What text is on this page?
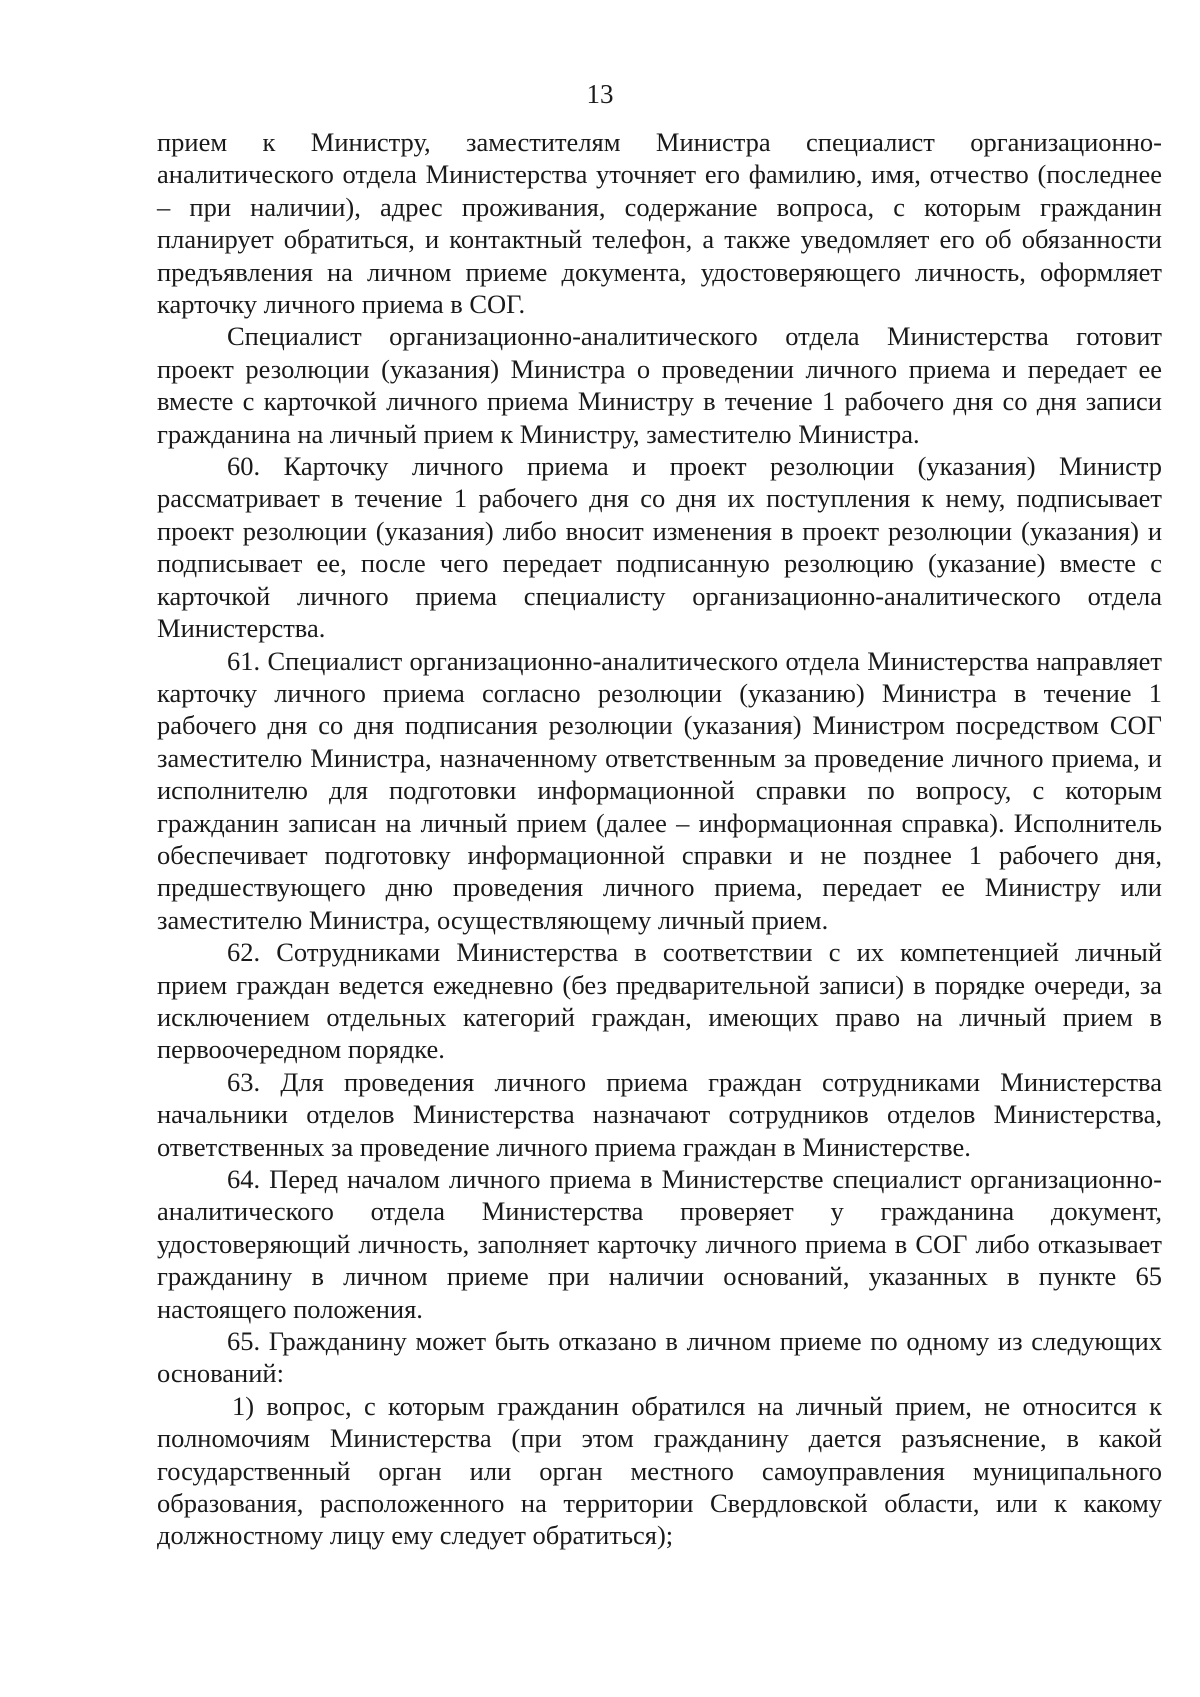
13

прием к Министру, заместителям Министра специалист организационно-аналитического отдела Министерства уточняет его фамилию, имя, отчество (последнее – при наличии), адрес проживания, содержание вопроса, с которым гражданин планирует обратиться, и контактный телефон, а также уведомляет его об обязанности предъявления на личном приеме документа, удостоверяющего личность, оформляет карточку личного приема в СОГ.

Специалист организационно-аналитического отдела Министерства готовит проект резолюции (указания) Министра о проведении личного приема и передает ее вместе с карточкой личного приема Министру в течение 1 рабочего дня со дня записи гражданина на личный прием к Министру, заместителю Министра.

60. Карточку личного приема и проект резолюции (указания) Министр рассматривает в течение 1 рабочего дня со дня их поступления к нему, подписывает проект резолюции (указания) либо вносит изменения в проект резолюции (указания) и подписывает ее, после чего передает подписанную резолюцию (указание) вместе с карточкой личного приема специалисту организационно-аналитического отдела Министерства.

61. Специалист организационно-аналитического отдела Министерства направляет карточку личного приема согласно резолюции (указанию) Министра в течение 1 рабочего дня со дня подписания резолюции (указания) Министром посредством СОГ заместителю Министра, назначенному ответственным за проведение личного приема, и исполнителю для подготовки информационной справки по вопросу, с которым гражданин записан на личный прием (далее – информационная справка). Исполнитель обеспечивает подготовку информационной справки и не позднее 1 рабочего дня, предшествующего дню проведения личного приема, передает ее Министру или заместителю Министра, осуществляющему личный прием.

62. Сотрудниками Министерства в соответствии с их компетенцией личный прием граждан ведется ежедневно (без предварительной записи) в порядке очереди, за исключением отдельных категорий граждан, имеющих право на личный прием в первоочередном порядке.

63. Для проведения личного приема граждан сотрудниками Министерства начальники отделов Министерства назначают сотрудников отделов Министерства, ответственных за проведение личного приема граждан в Министерстве.

64. Перед началом личного приема в Министерстве специалист организационно-аналитического отдела Министерства проверяет у гражданина документ, удостоверяющий личность, заполняет карточку личного приема в СОГ либо отказывает гражданину в личном приеме при наличии оснований, указанных в пункте 65 настоящего положения.

65. Гражданину может быть отказано в личном приеме по одному из следующих оснований:

1) вопрос, с которым гражданин обратился на личный прием, не относится к полномочиям Министерства (при этом гражданину дается разъяснение, в какой государственный орган или орган местного самоуправления муниципального образования, расположенного на территории Свердловской области, или к какому должностному лицу ему следует обратиться);
